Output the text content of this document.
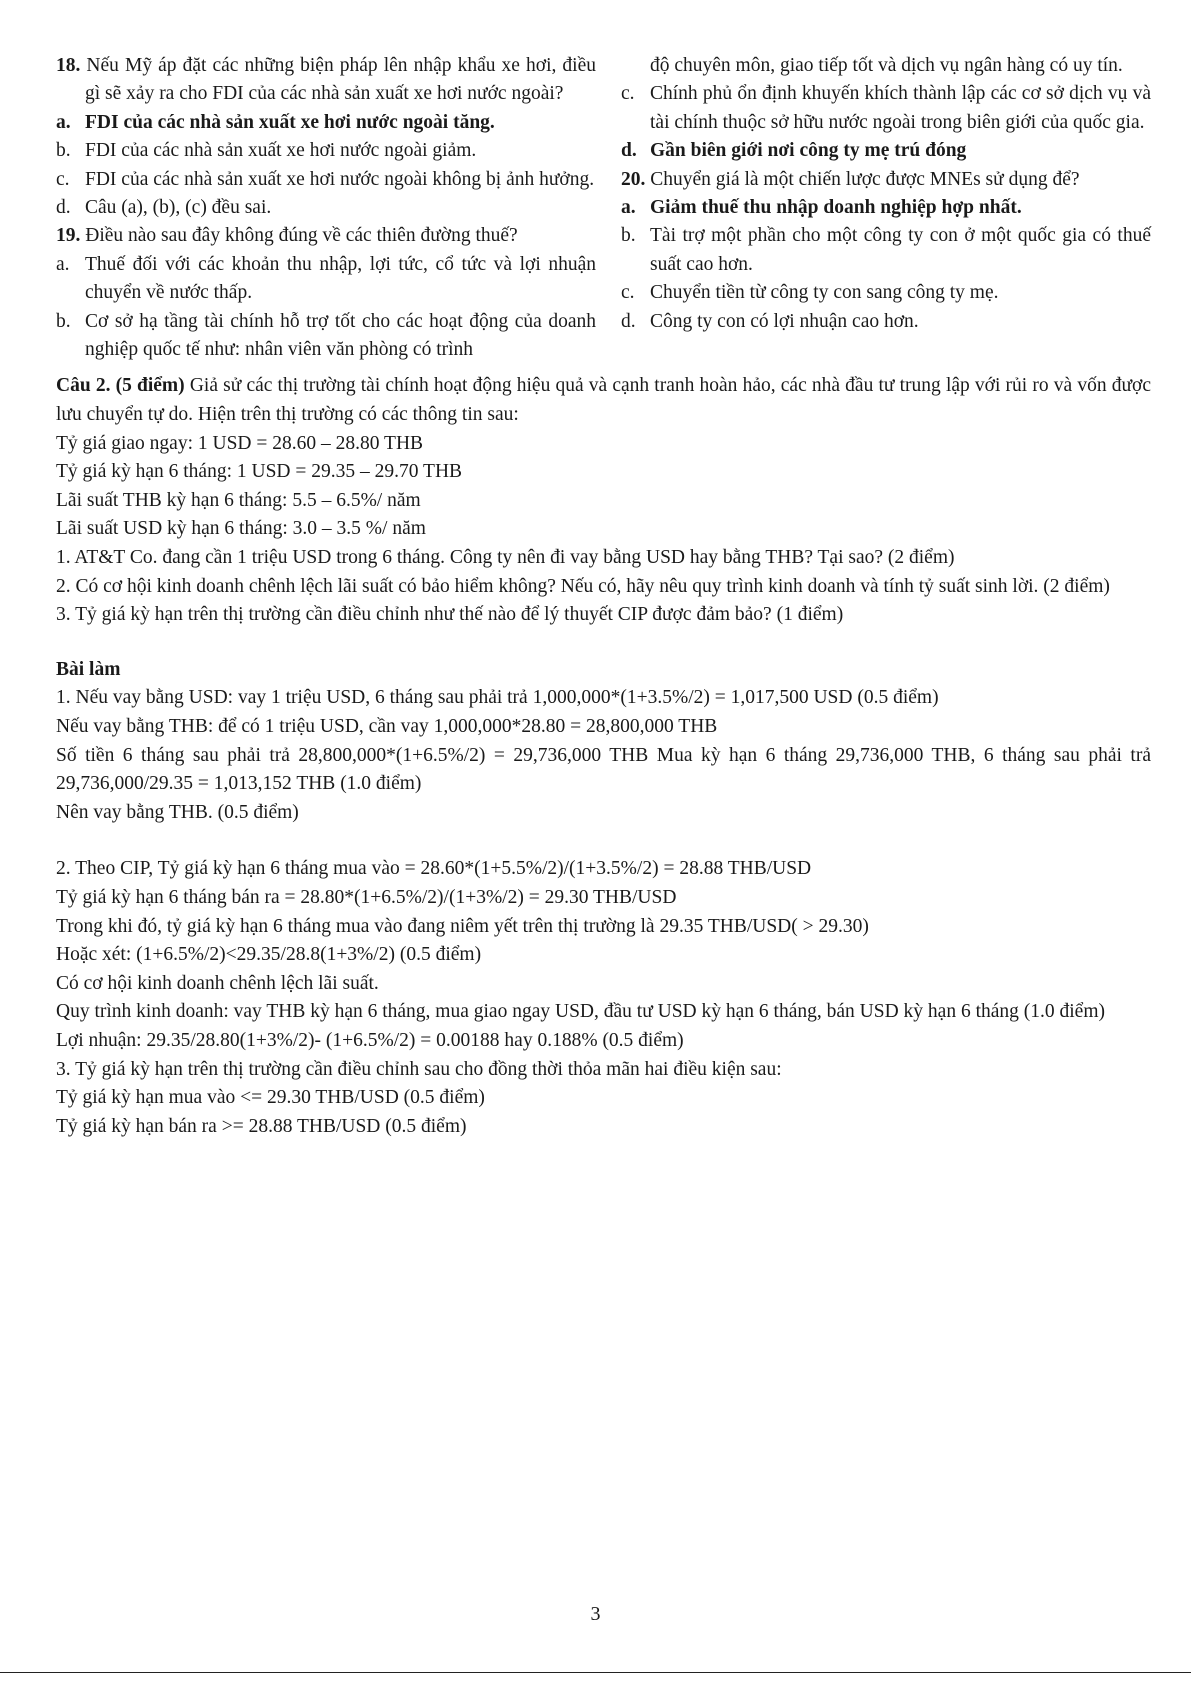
18. Nếu Mỹ áp đặt các những biện pháp lên nhập khẩu xe hơi, điều gì sẽ xảy ra cho FDI của các nhà sản xuất xe hơi nước ngoài?

a. FDI của các nhà sản xuất xe hơi nước ngoài tăng.

b. FDI của các nhà sản xuất xe hơi nước ngoài giảm.

c. FDI của các nhà sản xuất xe hơi nước ngoài không bị ảnh hưởng.

d. Câu (a), (b), (c) đều sai.

19. Điều nào sau đây không đúng về các thiên đường thuế?

a. Thuế đối với các khoản thu nhập, lợi tức, cổ tức và lợi nhuận chuyển về nước thấp.

b. Cơ sở hạ tầng tài chính hỗ trợ tốt cho các hoạt động của doanh nghiệp quốc tế như: nhân viên văn phòng có trình

độ chuyên môn, giao tiếp tốt và dịch vụ ngân hàng có uy tín.

c. Chính phủ ổn định khuyến khích thành lập các cơ sở dịch vụ và tài chính thuộc sở hữu nước ngoài trong biên giới của quốc gia.

d. Gần biên giới nơi công ty mẹ trú đóng

20. Chuyển giá là một chiến lược được MNEs sử dụng để?

a. Giảm thuế thu nhập doanh nghiệp hợp nhất.

b. Tài trợ một phần cho một công ty con ở một quốc gia có thuế suất cao hơn.

c. Chuyển tiền từ công ty con sang công ty mẹ.

d. Công ty con có lợi nhuận cao hơn.

Câu 2. (5 điểm) Giả sử các thị trường tài chính hoạt động hiệu quả và cạnh tranh hoàn hảo, các nhà đầu tư trung lập với rủi ro và vốn được lưu chuyển tự do. Hiện trên thị trường có các thông tin sau:

Tỷ giá giao ngay: 1 USD = 28.60 – 28.80 THB

Tỷ giá kỳ hạn 6 tháng: 1 USD = 29.35 – 29.70 THB

Lãi suất THB kỳ hạn 6 tháng: 5.5 – 6.5%/ năm

Lãi suất USD kỳ hạn 6 tháng: 3.0 – 3.5 %/ năm

1. AT&T Co. đang cần 1 triệu USD trong 6 tháng. Công ty nên đi vay bằng USD hay bằng THB? Tại sao? (2 điểm)

2. Có cơ hội kinh doanh chênh lệch lãi suất có bảo hiểm không? Nếu có, hãy nêu quy trình kinh doanh và tính tỷ suất sinh lời. (2 điểm)

3. Tỷ giá kỳ hạn trên thị trường cần điều chỉnh như thế nào để lý thuyết CIP được đảm bảo? (1 điểm)

Bài làm

1. Nếu vay bằng USD: vay 1 triệu USD, 6 tháng sau phải trả 1,000,000*(1+3.5%/2) = 1,017,500 USD (0.5 điểm)

Nếu vay bằng THB: để có 1 triệu USD, cần vay 1,000,000*28.80 = 28,800,000 THB

Số tiền 6 tháng sau phải trả 28,800,000*(1+6.5%/2) = 29,736,000 THB Mua kỳ hạn 6 tháng 29,736,000 THB, 6 tháng sau phải trả 29,736,000/29.35 = 1,013,152 THB (1.0 điểm)

Nên vay bằng THB. (0.5 điểm)

2. Theo CIP, Tỷ giá kỳ hạn 6 tháng mua vào = 28.60*(1+5.5%/2)/(1+3.5%/2) = 28.88 THB/USD

Tỷ giá kỳ hạn 6 tháng bán ra = 28.80*(1+6.5%/2)/(1+3%/2) = 29.30 THB/USD

Trong khi đó, tỷ giá kỳ hạn 6 tháng mua vào đang niêm yết trên thị trường là 29.35 THB/USD( > 29.30)

Hoặc xét: (1+6.5%/2)<29.35/28.8(1+3%/2) (0.5 điểm)

Có cơ hội kinh doanh chênh lệch lãi suất.

Quy trình kinh doanh: vay THB kỳ hạn 6 tháng, mua giao ngay USD, đầu tư USD kỳ hạn 6 tháng, bán USD kỳ hạn 6 tháng (1.0 điểm)

Lợi nhuận: 29.35/28.80(1+3%/2)- (1+6.5%/2) = 0.00188 hay 0.188% (0.5 điểm)

3. Tỷ giá kỳ hạn trên thị trường cần điều chỉnh sau cho đồng thời thỏa mãn hai điều kiện sau:

Tỷ giá kỳ hạn mua vào <= 29.30 THB/USD (0.5 điểm)

Tỷ giá kỳ hạn bán ra >= 28.88 THB/USD (0.5 điểm)

3
